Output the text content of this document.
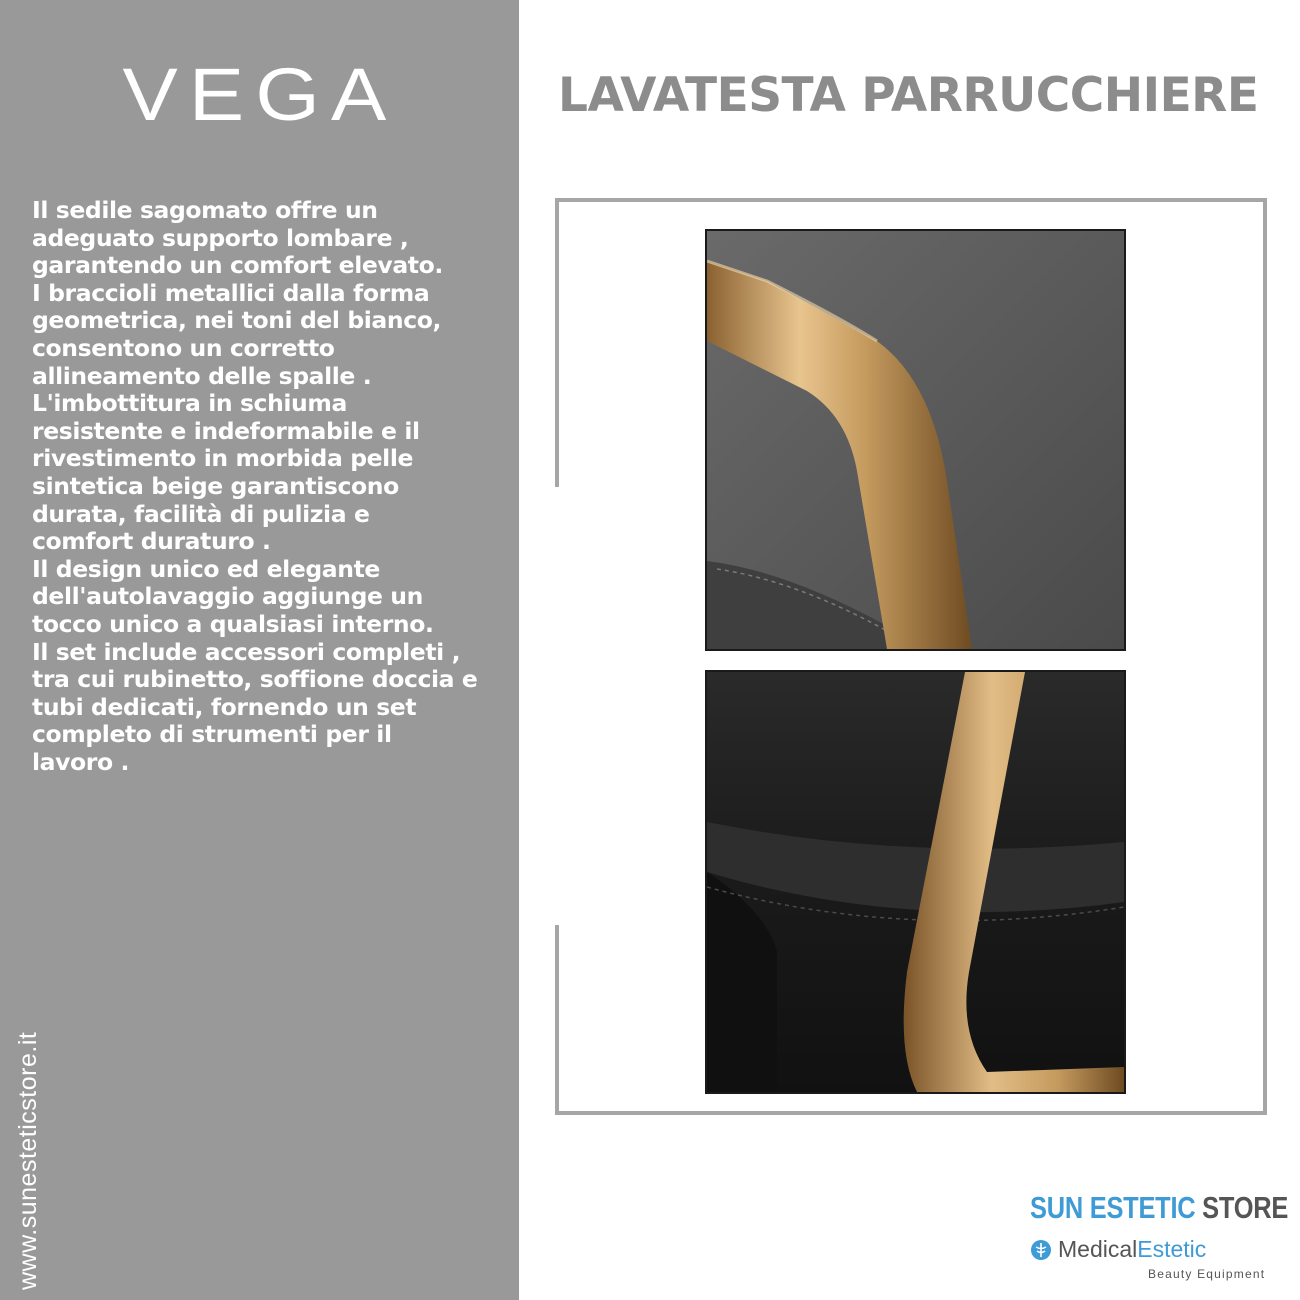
VEGA

Il sedile sagomato offre un

adeguato supporto lombare ,

garantendo un comfort elevato.

I braccioli metallici dalla forma

geometrica, nei toni del bianco,

consentono un corretto

allineamento delle spalle .

L'imbottitura in schiuma

resistente e indeformabile e il

rivestimento in morbida pelle

sintetica beige garantiscono

durata, facilità di pulizia e

comfort duraturo .

Il design unico ed elegante

dell'autolavaggio aggiunge un

tocco unico a qualsiasi interno.

Il set include accessori completi ,

tra cui rubinetto, soffione doccia e

tubi dedicati, fornendo un set

completo di strumenti per il

lavoro .

www.sunesteticstore.it
LAVATESTA PARRUCCHIERE
SUN ESTETIC STORE
Medical Estetic
Beauty Equipment
